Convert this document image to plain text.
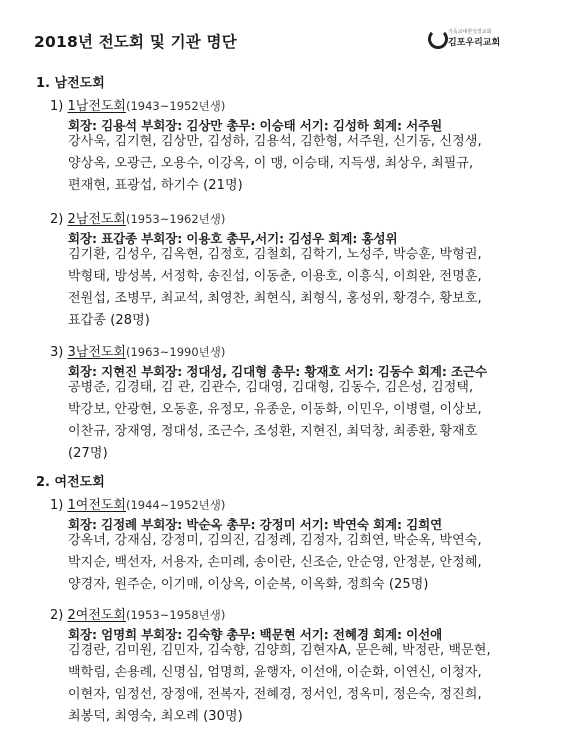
2018년 전도회 및 기관 명단
기독교대한성결교회
김포우리교회
1. 남전도회
1) 1남전도회(1943~1952년생)
회장: 김용석 부회장: 김상만 총무: 이승태 서기: 김성하 회계: 서주원
강사욱, 김기현, 김상만, 김성하, 김용석, 김한형, 서주원, 신기동, 신정생,
양상옥, 오광근, 오용수, 이강옥, 이 맹, 이승태, 지득생, 최상우, 최필규,
편재현, 표광섭, 하기수 (21명)
2) 2남전도회(1953~1962년생)
회장: 표갑종 부회장: 이용호 총무,서기: 김성우 회계: 홍성위
김기환, 김성우, 김옥현, 김정호, 김철회, 김학기, 노성주, 박승훈, 박형권,
박형태, 방성복, 서정학, 송진섭, 이동춘, 이용호, 이흥식, 이희완, 전명훈,
전원섭, 조병무, 최교석, 최영찬, 최현식, 최형식, 홍성위, 황경수, 황보호,
표갑종 (28명)
3) 3남전도회(1963~1990년생)
회장: 지현진 부회장: 정대성, 김대형 총무: 황재호 서기: 김동수 회계: 조근수
공병준, 김경태, 김 관, 김관수, 김대영, 김대형, 김동수, 김은성, 김정택,
박강보, 안광현, 오동훈, 유정모, 유종운, 이동화, 이민우, 이병렬, 이상보,
이찬규, 장재영, 정대성, 조근수, 조성환, 지현진, 최덕창, 최종환, 황재호
(27명)
2. 여전도회
1) 1여전도회(1944~1952년생)
회장: 김정례 부회장: 박순옥 총무: 강정미 서기: 박연숙 회계: 김희연
강옥녀, 강재심, 강정미, 김의진, 김정례, 김정자, 김희연, 박순옥, 박연숙,
박지순, 백선자, 서용자, 손미례, 송이란, 신조순, 안순영, 안정분, 안정혜,
양경자, 원주순, 이기매, 이상옥, 이순복, 이옥화, 정희숙 (25명)
2) 2여전도회(1953~1958년생)
회장: 엄명희 부회장: 김숙향 총무: 백문현 서기: 전혜경 회계: 이선애
김경란, 김미원, 김민자, 김숙향, 김양희, 김현자A, 문은혜, 박정란, 백문현,
백학림, 손용례, 신명심, 엄명희, 윤행자, 이선애, 이순화, 이연신, 이청자,
이현자, 임정선, 장정애, 전복자, 전혜경, 정서인, 정옥미, 정은숙, 정진희,
최봉덕, 최영숙, 최오례 (30명)
